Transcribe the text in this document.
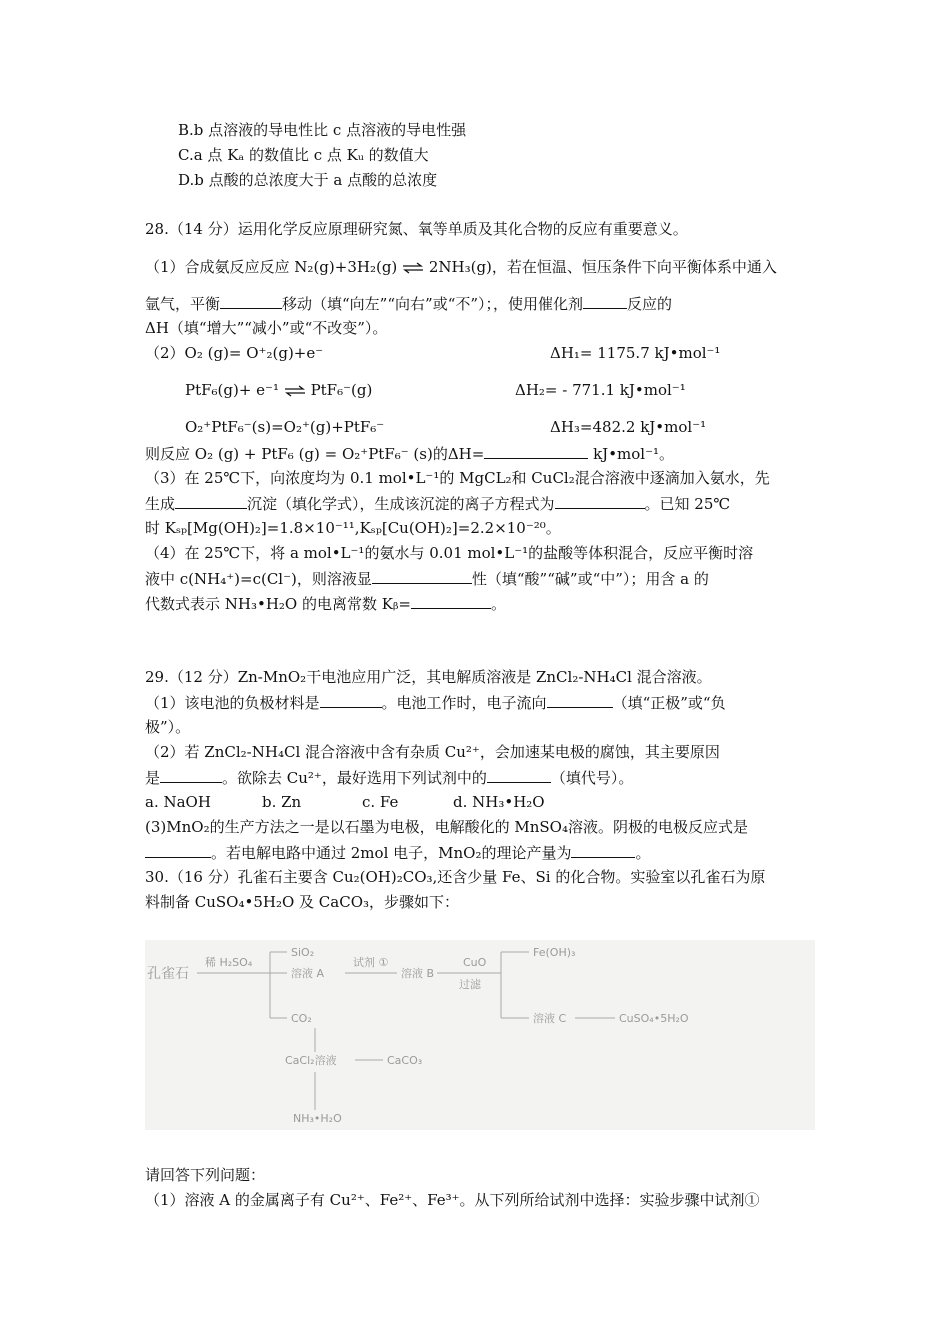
B.b 点溶液的导电性比 c 点溶液的导电性强
C.a 点 Kₐ 的数值比 c 点 Kᵤ 的数值大
D.b 点酸的总浓度大于 a 点酸的总浓度
28.（14 分）运用化学反应原理研究氮、氧等单质及其化合物的反应有重要意义。
（1）合成氨反应反应 N₂(g)+3H₂(g) ⇌ 2NH₃(g)，若在恒温、恒压条件下向平衡体系中通入
氩气，平衡	移动（填“向左”“向右”或“不”）；，使用催化剂	反应的
ΔH（填“增大”“减小”或“不改变”）。
（2）O₂ (g)= O⁺₂(g)+e⁻	ΔH₁= 1175.7 kJ•mol⁻¹
PtF₆(g)+ e⁻¹ ⇌ PtF₆⁻(g)	ΔH₂= - 771.1 kJ•mol⁻¹
O₂⁺PtF₆⁻(s)=O₂⁺(g)+PtF₆⁻	ΔH₃=482.2 kJ•mol⁻¹
则反应 O₂ (g) + PtF₆ (g) = O₂⁺PtF₆⁻ (s)的ΔH=	kJ•mol⁻¹。
（3）在 25℃下，向浓度均为 0.1 mol•L⁻¹的 MgCL₂和 CuCl₂混合溶液中逐滴加入氨水，先
生成	沉淀（填化学式），生成该沉淀的离子方程式为	。已知 25℃
时 Kₛₚ[Mg(OH)₂]=1.8×10⁻¹¹,Kₛₚ[Cu(OH)₂]=2.2×10⁻²⁰。
（4）在 25℃下，将 a mol•L⁻¹的氨水与 0.01 mol•L⁻¹的盐酸等体积混合，反应平衡时溶
液中 c(NH₄⁺)=c(Cl⁻)，则溶液显	性（填“酸”“碱”或“中”）；用含 a 的
代数式表示 NH₃•H₂O 的电离常数 Kᵦ=	。
29.（12 分）Zn-MnO₂干电池应用广泛，其电解质溶液是 ZnCl₂-NH₄Cl 混合溶液。
（1）该电池的负极材料是	。电池工作时，电子流向	（填“正极”或“负
极”）。
（2）若 ZnCl₂-NH₄Cl 混合溶液中含有杂质 Cu²⁺，会加速某电极的腐蚀，其主要原因
是	。欲除去 Cu²⁺，最好选用下列试剂中的	（填代号）。
a. NaOH	b. Zn	c. Fe	d. NH₃•H₂O
(3)MnO₂的生产方法之一是以石墨为电极，电解酸化的 MnSO₄溶液。阴极的电极反应式是
。若电解电路中通过 2mol 电子，MnO₂的理论产量为	。
30.（16 分）孔雀石主要含 Cu₂(OH)₂CO₃,还含少量 Fe、Si 的化合物。实验室以孔雀石为原
料制备 CuSO₄•5H₂O 及 CaCO₃，步骤如下：
孔雀石
稀 H₂SO₄
SiO₂
溶液 A
CO₂
试剂 ①
溶液 B
CuO
过滤
Fe(OH)₃
溶液 C	CuSO₄•5H₂O
CaCl₂溶液	CaCO₃
NH₃•H₂O
请回答下列问题：
（1）溶液 A 的金属离子有 Cu²⁺、Fe²⁺、Fe³⁺。从下列所给试剂中选择：实验步骤中试剂①
